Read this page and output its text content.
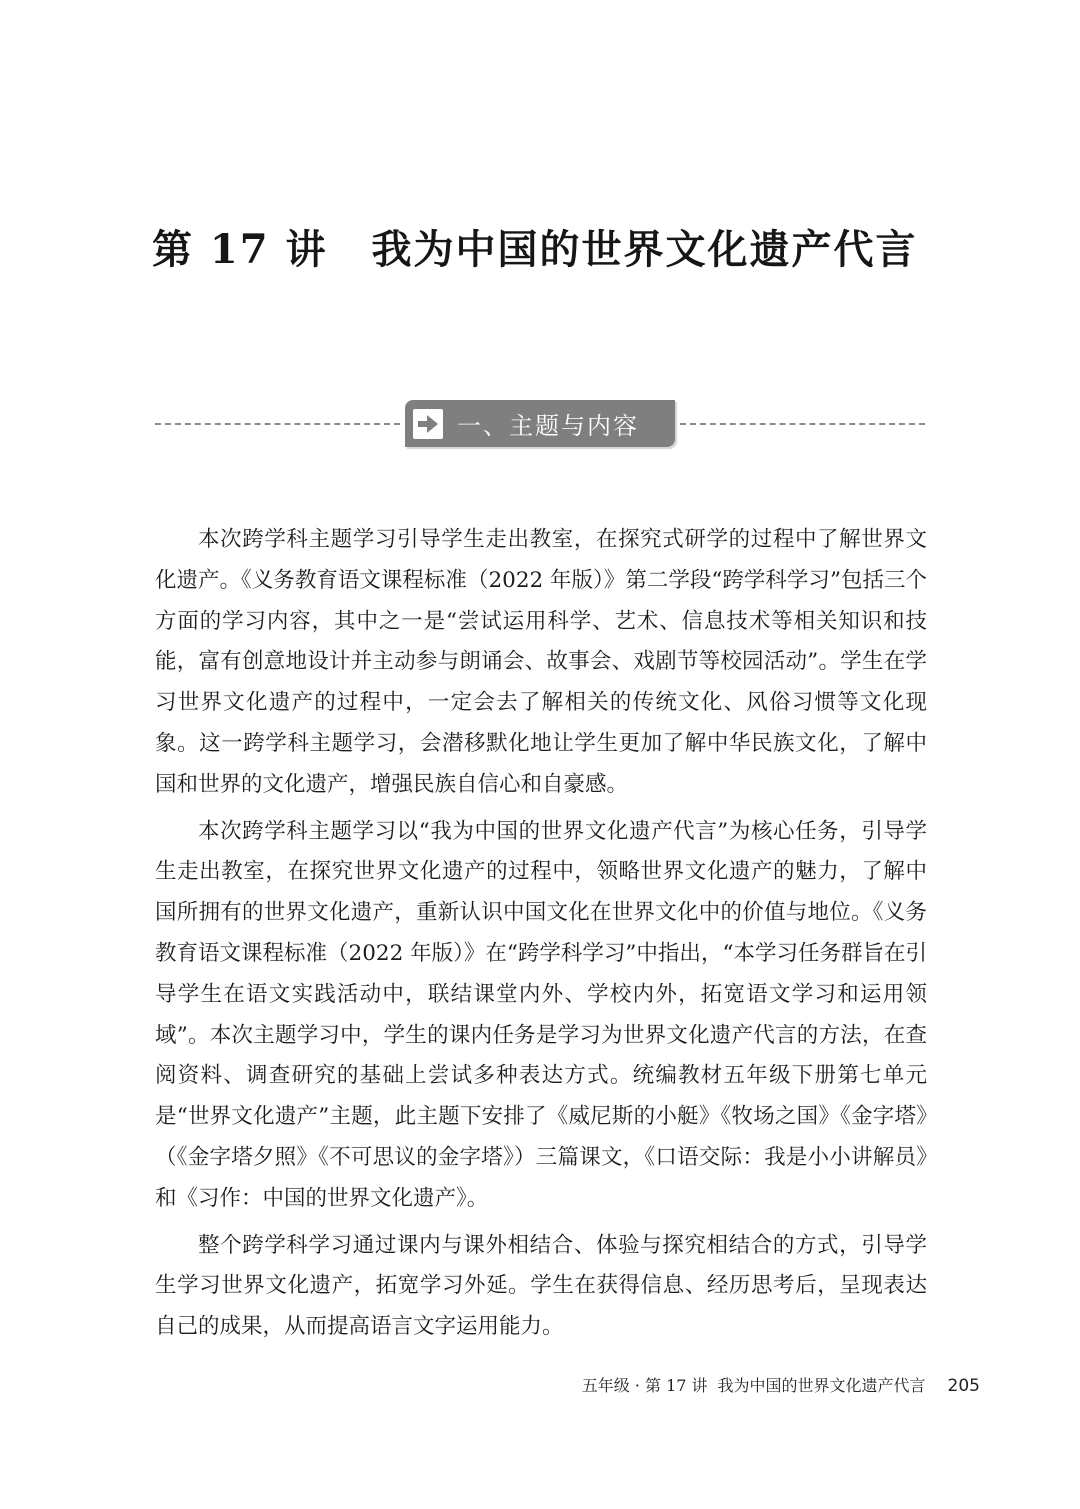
第 17 讲 我为中国的世界文化遗产代言
一、主题与内容

本次跨学科主题学习引导学生走出教室，在探究式研学的过程中了解世界文化遗产。《义务教育语文课程标准（2022 年版）》第二学段“跨学科学习”包括三个方面的学习内容，其中之一是“尝试运用科学、艺术、信息技术等相关知识和技能，富有创意地设计并主动参与朗诵会、故事会、戏剧节等校园活动”。学生在学习世界文化遗产的过程中，一定会去了解相关的传统文化、风俗习惯等文化现象。这一跨学科主题学习，会潜移默化地让学生更加了解中华民族文化，了解中国和世界的文化遗产，增强民族自信心和自豪感。

本次跨学科主题学习以“我为中国的世界文化遗产代言”为核心任务，引导学生走出教室，在探究世界文化遗产的过程中，领略世界文化遗产的魅力，了解中国所拥有的世界文化遗产，重新认识中国文化在世界文化中的价值与地位。《义务教育语文课程标准（2022 年版）》在“跨学科学习”中指出，“本学习任务群旨在引导学生在语文实践活动中，联结课堂内外、学校内外，拓宽语文学习和运用领域”。本次主题学习中，学生的课内任务是学习为世界文化遗产代言的方法，在查阅资料、调查研究的基础上尝试多种表达方式。统编教材五年级下册第七单元是“世界文化遗产”主题，此主题下安排了《威尼斯的小艇》《牧场之国》《金字塔》（《金字塔夕照》《不可思议的金字塔》）三篇课文，《口语交际：我是小小讲解员》和《习作：中国的世界文化遗产》。

整个跨学科学习通过课内与课外相结合、体验与探究相结合的方式，引导学生学习世界文化遗产，拓宽学习外延。学生在获得信息、经历思考后，呈现表达自己的成果，从而提高语言文字运用能力。

五年级 · 第 17 讲 我为中国的世界文化遗产代言 205
